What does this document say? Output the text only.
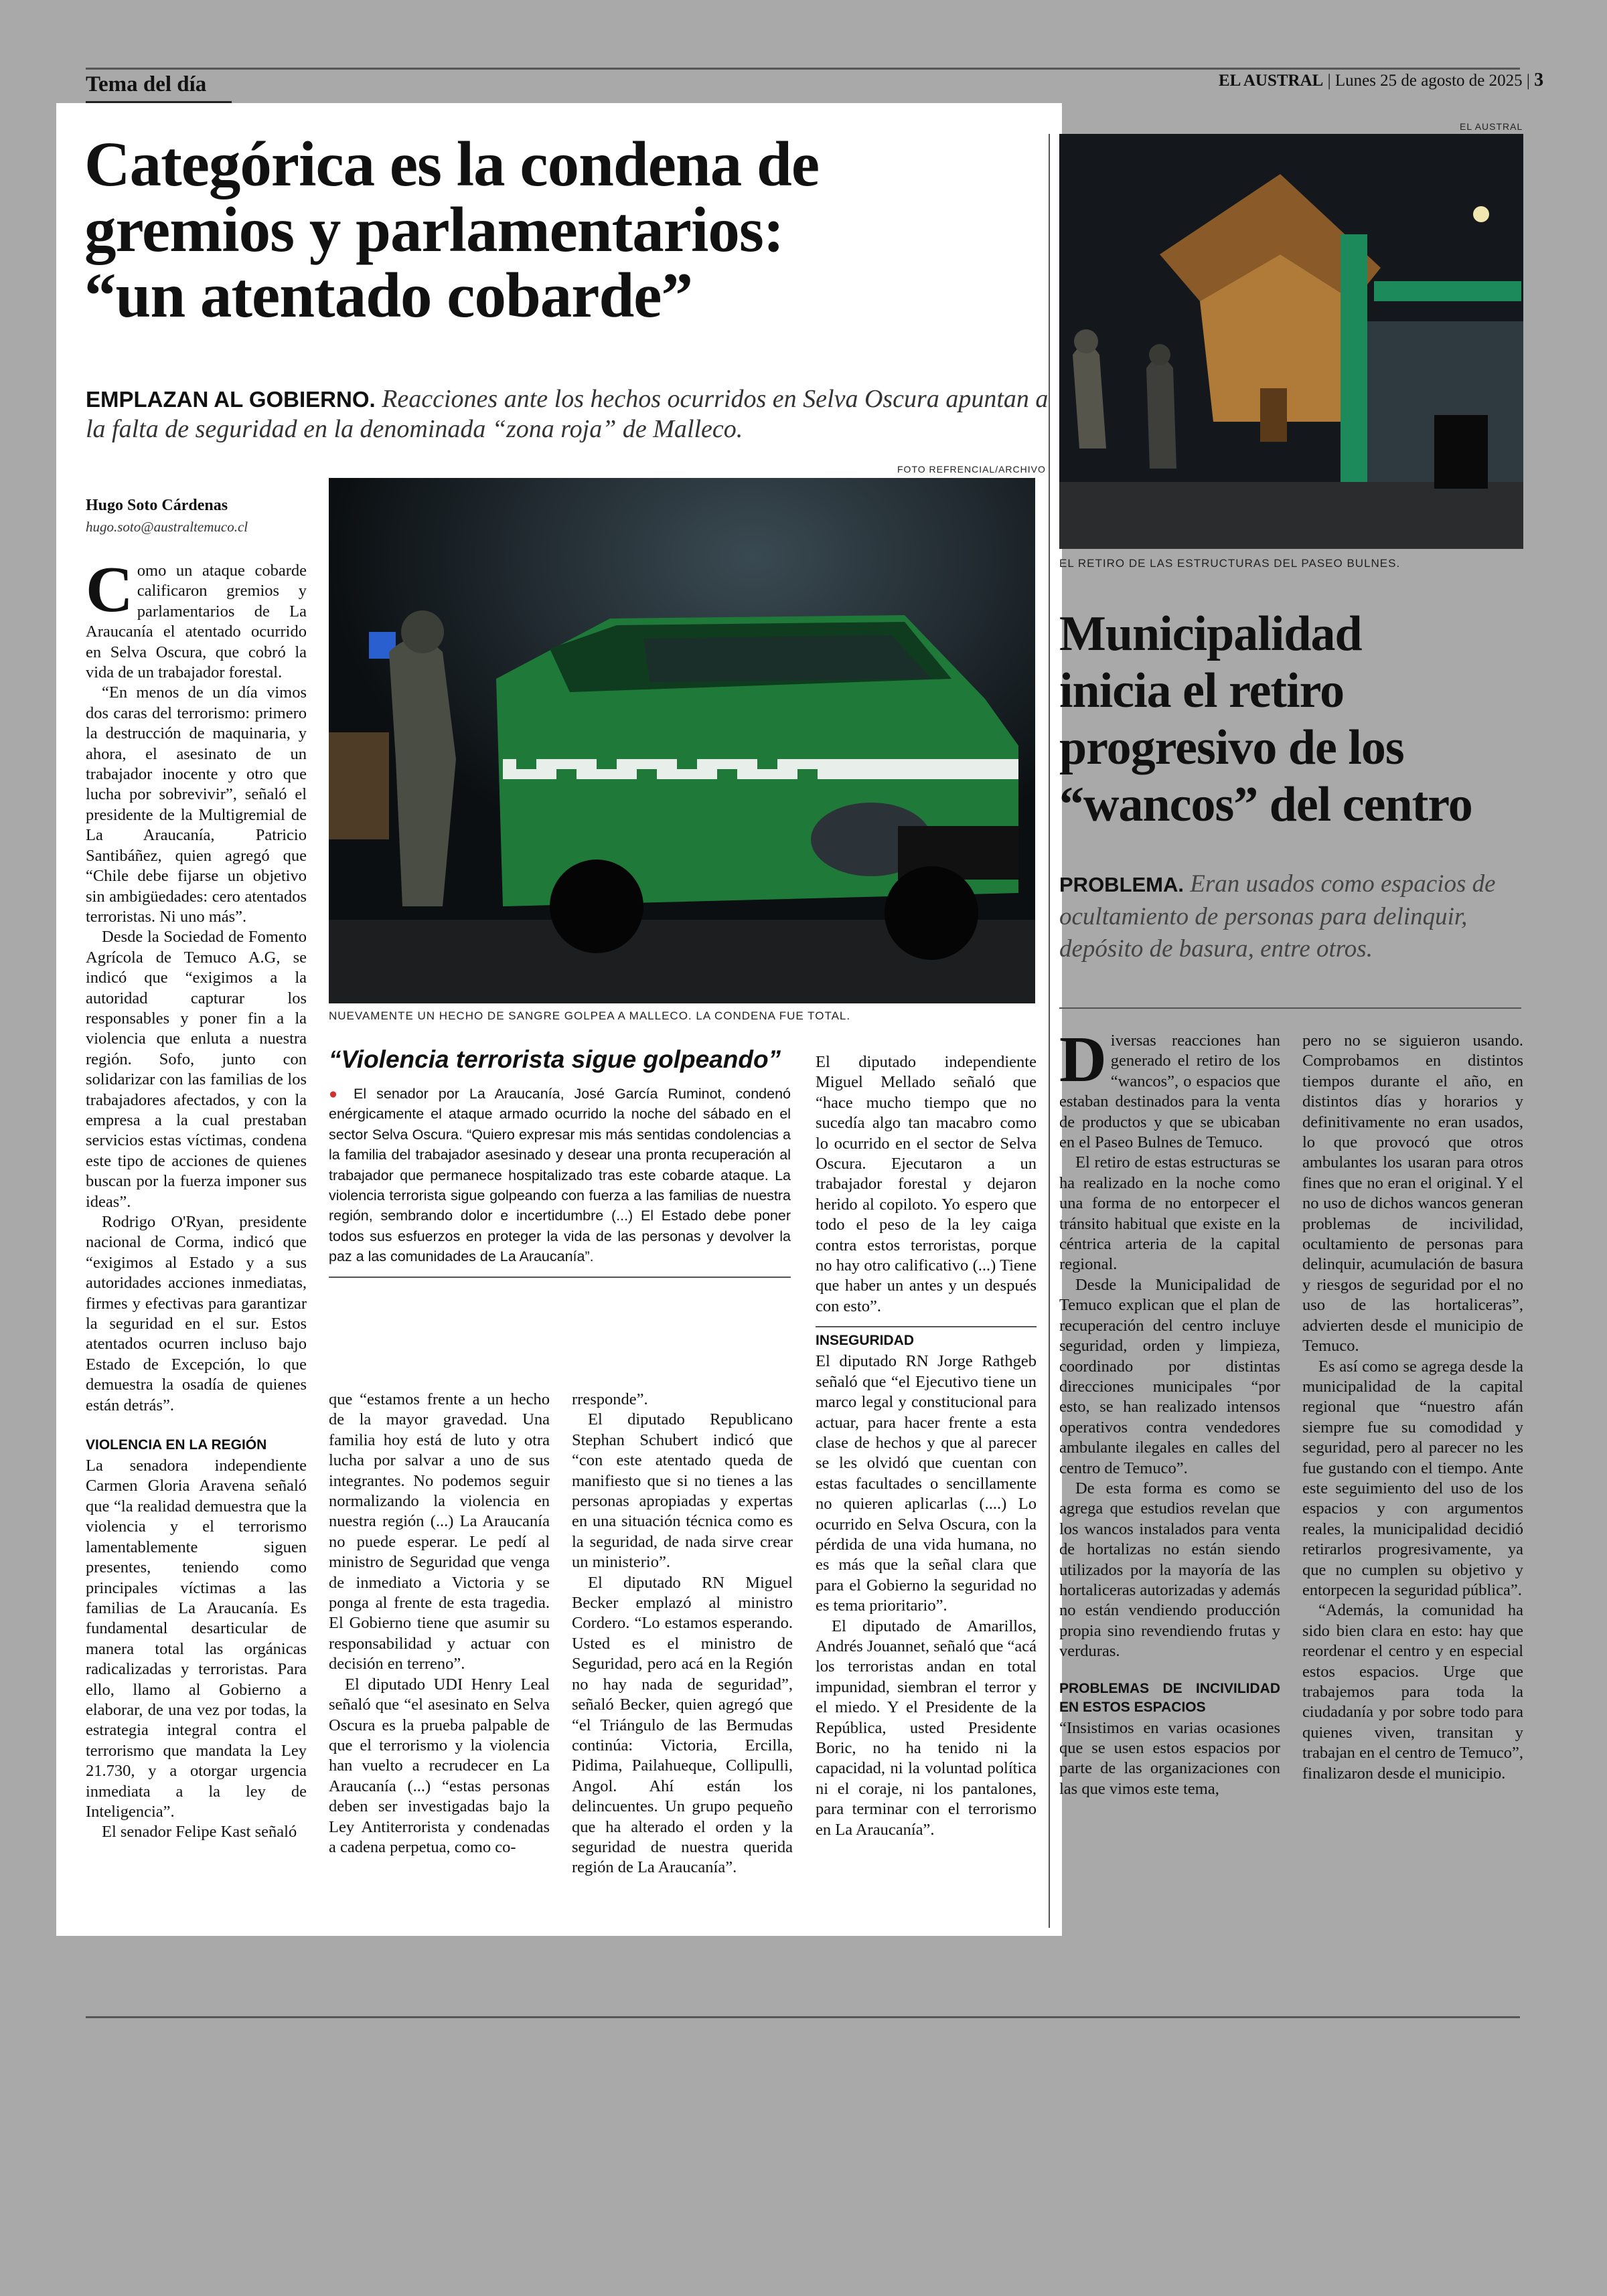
Tema del día	EL AUSTRAL | Lunes 25 de agosto de 2025 | 3
Categórica es la condena de
gremios y parlamentarios:
“un atentado cobarde”
EMPLAZAN AL GOBIERNO. Reacciones ante los hechos ocurridos en Selva Oscura apuntan a la falta de seguridad en la denominada “zona roja” de Malleco.
FOTO REFRENCIAL/ARCHIVO
NUEVAMENTE UN HECHO DE SANGRE GOLPEA A MALLECO. LA CONDENA FUE TOTAL.
Hugo Soto Cárdenas
hugo.soto@australtemuco.cl

Como un ataque cobarde calificaron gremios y parlamentarios de La Araucanía el atentado ocurrido en Selva Oscura, que cobró la vida de un trabajador forestal.

“En menos de un día vimos dos caras del terrorismo: primero la destrucción de maquinaria, y ahora, el asesinato de un trabajador inocente y otro que lucha por sobrevivir”, señaló el presidente de la Multigremial de La Araucanía, Patricio Santibáñez, quien agregó que “Chile debe fijarse un objetivo sin ambigüedades: cero atentados terroristas. Ni uno más”.

Desde la Sociedad de Fomento Agrícola de Temuco A.G, se indicó que “exigimos a la autoridad capturar los responsables y poner fin a la violencia que enluta a nuestra región. Sofo, junto con solidarizar con las familias de los trabajadores afectados, y con la empresa a la cual prestaban servicios estas víctimas, condena este tipo de acciones de quienes buscan por la fuerza imponer sus ideas”.

Rodrigo O'Ryan, presidente nacional de Corma, indicó que “exigimos al Estado y a sus autoridades acciones inmediatas, firmes y efectivas para garantizar la seguridad en el sur. Estos atentados ocurren incluso bajo Estado de Excepción, lo que demuestra la osadía de quienes están detrás”.

VIOLENCIA EN LA REGIÓN

La senadora independiente Carmen Gloria Aravena señaló que “la realidad demuestra que la violencia y el terrorismo lamentablemente siguen presentes, teniendo como principales víctimas a las familias de La Araucanía. Es fundamental desarticular de manera total las orgánicas radicalizadas y terroristas. Para ello, llamo al Gobierno a elaborar, de una vez por todas, la estrategia integral contra el terrorismo que mandata la Ley 21.730, y a otorgar urgencia inmediata a la ley de Inteligencia”.

El senador Felipe Kast señaló

“Violencia terrorista sigue golpeando”
● El senador por La Araucanía, José García Ruminot, condenó enérgicamente el ataque armado ocurrido la noche del sábado en el sector Selva Oscura. “Quiero expresar mis más sentidas condolencias a la familia del trabajador asesinado y desear una pronta recuperación al trabajador que permanece hospitalizado tras este cobarde ataque. La violencia terrorista sigue golpeando con fuerza a las familias de nuestra región, sembrando dolor e incertidumbre (...) El Estado debe poner todos sus esfuerzos en proteger la vida de las personas y devolver la paz a las comunidades de La Araucanía”.

que “estamos frente a un hecho de la mayor gravedad. Una familia hoy está de luto y otra lucha por salvar a uno de sus integrantes. No podemos seguir normalizando la violencia en nuestra región (...) La Araucanía no puede esperar. Le pedí al ministro de Seguridad que venga de inmediato a Victoria y se ponga al frente de esta tragedia. El Gobierno tiene que asumir su responsabilidad y actuar con decisión en terreno”.

El diputado UDI Henry Leal señaló que “el asesinato en Selva Oscura es la prueba palpable de que el terrorismo y la violencia han vuelto a recrudecer en La Araucanía (...) “estas personas deben ser investigadas bajo la Ley Antiterrorista y condenadas a cadena perpetua, como co-

rresponde”.

El diputado Republicano Stephan Schubert indicó que “con este atentado queda de manifiesto que si no tienes a las personas apropiadas y expertas en una situación técnica como es la seguridad, de nada sirve crear un ministerio”.

El diputado RN Miguel Becker emplazó al ministro Cordero. “Lo estamos esperando. Usted es el ministro de Seguridad, pero acá en la Región no hay nada de seguridad”, señaló Becker, quien agregó que “el Triángulo de las Bermudas continúa: Victoria, Ercilla, Pidima, Pailahueque, Collipulli, Angol. Ahí están los delincuentes. Un grupo pequeño que ha alterado el orden y la seguridad de nuestra querida región de La Araucanía”.

El diputado independiente Miguel Mellado señaló que “hace mucho tiempo que no sucedía algo tan macabro como lo ocurrido en el sector de Selva Oscura. Ejecutaron a un trabajador forestal y dejaron herido al copiloto. Yo espero que todo el peso de la ley caiga contra estos terroristas, porque no hay otro calificativo (...) Tiene que haber un antes y un después con esto”.

INSEGURIDAD

El diputado RN Jorge Rathgeb señaló que “el Ejecutivo tiene un marco legal y constitucional para actuar, para hacer frente a esta clase de hechos y que al parecer se les olvidó que cuentan con estas facultades o sencillamente no quieren aplicarlas (....) Lo ocurrido en Selva Oscura, con la pérdida de una vida humana, no es más que la señal clara que para el Gobierno la seguridad no es tema prioritario”.

El diputado de Amarillos, Andrés Jouannet, señaló que “acá los terroristas andan en total impunidad, siembran el terror y el miedo. Y el Presidente de la República, usted Presidente Boric, no ha tenido ni la capacidad, ni la voluntad política ni el coraje, ni los pantalones, para terminar con el terrorismo en La Araucanía”.

EL AUSTRAL
EL RETIRO DE LAS ESTRUCTURAS DEL PASEO BULNES.
Municipalidad
inicia el retiro
progresivo de los
“wancos” del centro
PROBLEMA. Eran usados como espacios de ocultamiento de personas para delinquir, depósito de basura, entre otros.

Diversas reacciones han generado el retiro de los “wancos”, o espacios que estaban destinados para la venta de productos y que se ubicaban en el Paseo Bulnes de Temuco.

El retiro de estas estructuras se ha realizado en la noche como una forma de no entorpecer el tránsito habitual que existe en la céntrica arteria de la capital regional.

Desde la Municipalidad de Temuco explican que el plan de recuperación del centro incluye seguridad, orden y limpieza, coordinado por distintas direcciones municipales “por esto, se han realizado intensos operativos contra vendedores ambulante ilegales en calles del centro de Temuco”.

De esta forma es como se agrega que estudios revelan que los wancos instalados para venta de hortalizas no están siendo utilizados por la mayoría de las hortaliceras autorizadas y además no están vendiendo producción propia sino revendiendo frutas y verduras.

PROBLEMAS DE INCIVILIDAD EN ESTOS ESPACIOS

“Insistimos en varias ocasiones que se usen estos espacios por parte de las organizaciones con las que vimos este tema,

pero no se siguieron usando. Comprobamos en distintos tiempos durante el año, en distintos días y horarios y definitivamente no eran usados, lo que provocó que otros ambulantes los usaran para otros fines que no eran el original. Y el no uso de dichos wancos generan problemas de incivilidad, ocultamiento de personas para delinquir, acumulación de basura y riesgos de seguridad por el no uso de las hortaliceras”, advierten desde el municipio de Temuco.

Es así como se agrega desde la municipalidad de la capital regional que “nuestro afán siempre fue su comodidad y seguridad, pero al parecer no les fue gustando con el tiempo. Ante este seguimiento del uso de los espacios y con argumentos reales, la municipalidad decidió retirarlos progresivamente, ya que no cumplen su objetivo y entorpecen la seguridad pública”.

“Además, la comunidad ha sido bien clara en esto: hay que reordenar el centro y en especial estos espacios. Urge que trabajemos para toda la ciudadanía y por sobre todo para quienes viven, transitan y trabajan en el centro de Temuco”, finalizaron desde el municipio.
